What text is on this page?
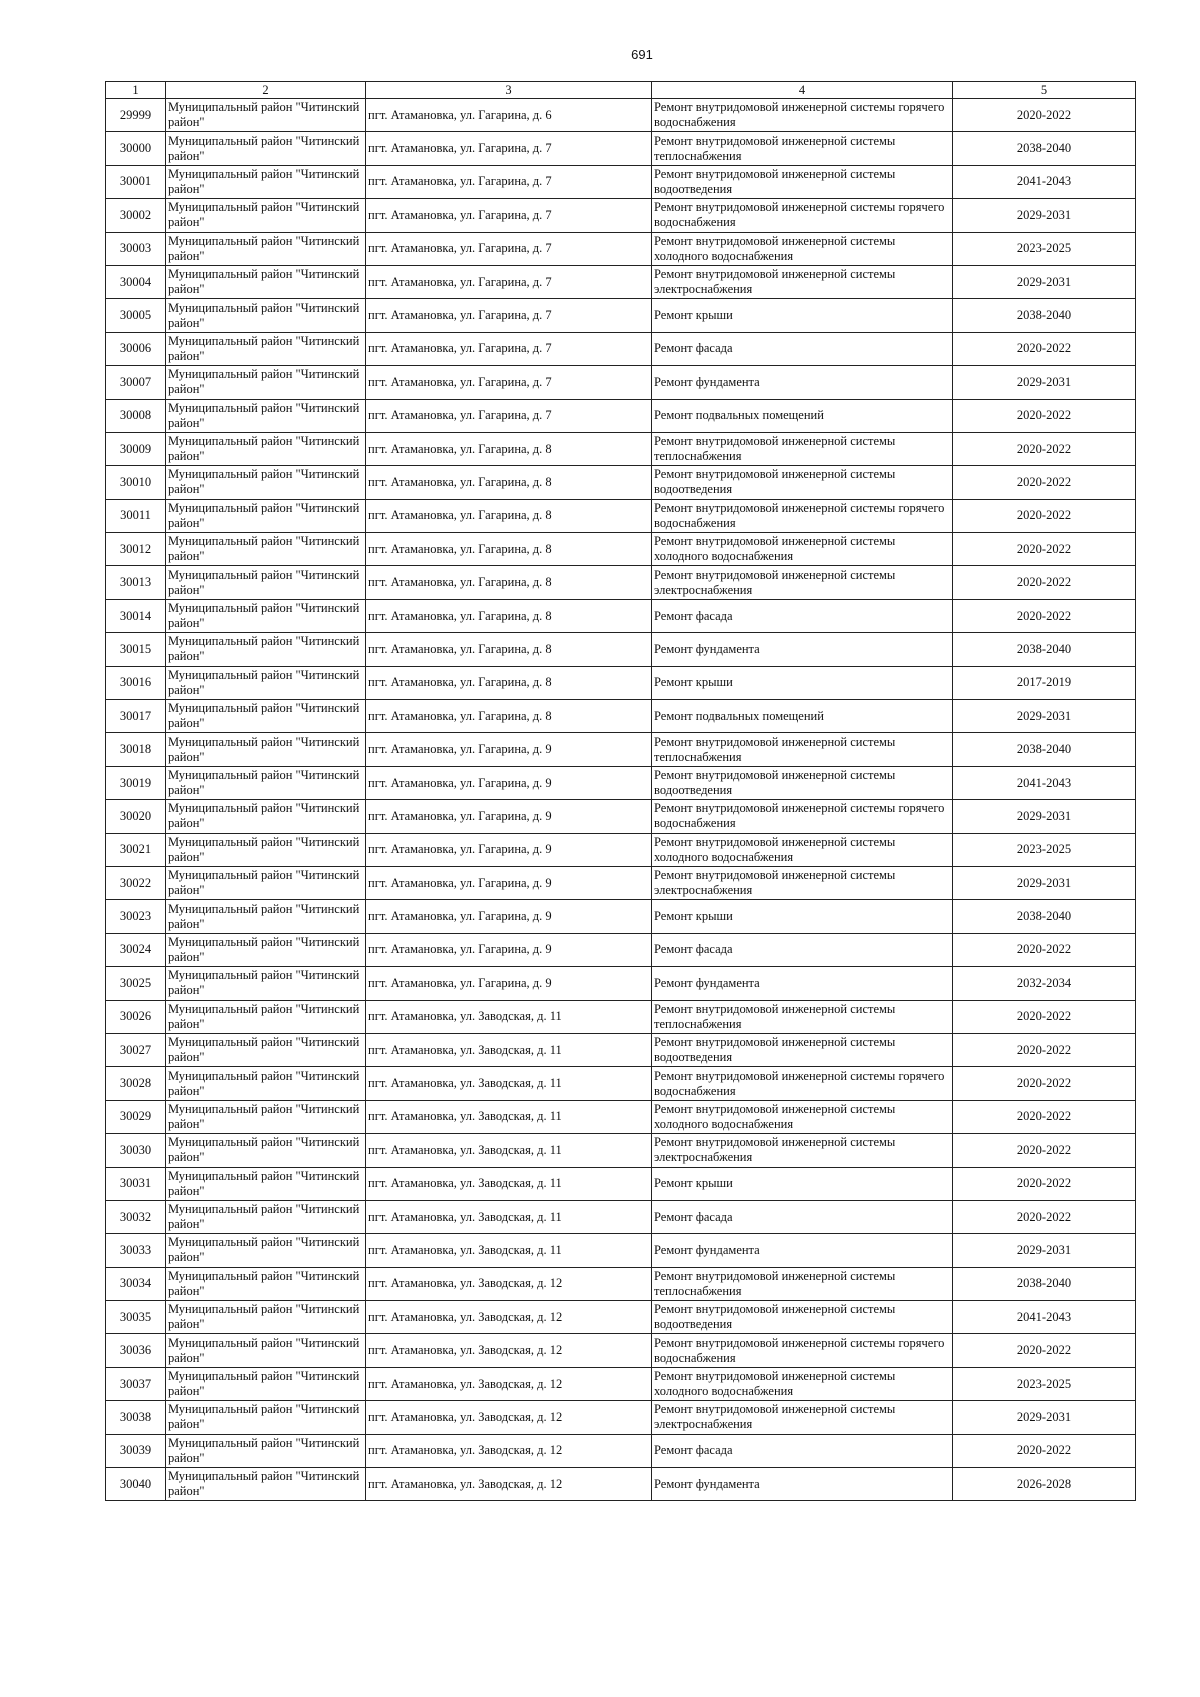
691
1	2	3	4	5
29999	Муниципальный район "Читинский район"	пгт. Атамановка, ул. Гагарина, д. 6	Ремонт внутридомовой инженерной системы горячего водоснабжения	2020-2022
30000	Муниципальный район "Читинский район"	пгт. Атамановка, ул. Гагарина, д. 7	Ремонт внутридомовой инженерной системы теплоснабжения	2038-2040
30001	Муниципальный район "Читинский район"	пгт. Атамановка, ул. Гагарина, д. 7	Ремонт внутридомовой инженерной системы водоотведения	2041-2043
30002	Муниципальный район "Читинский район"	пгт. Атамановка, ул. Гагарина, д. 7	Ремонт внутридомовой инженерной системы горячего водоснабжения	2029-2031
30003	Муниципальный район "Читинский район"	пгт. Атамановка, ул. Гагарина, д. 7	Ремонт внутридомовой инженерной системы холодного водоснабжения	2023-2025
30004	Муниципальный район "Читинский район"	пгт. Атамановка, ул. Гагарина, д. 7	Ремонт внутридомовой инженерной системы электроснабжения	2029-2031
30005	Муниципальный район "Читинский район"	пгт. Атамановка, ул. Гагарина, д. 7	Ремонт крыши	2038-2040
30006	Муниципальный район "Читинский район"	пгт. Атамановка, ул. Гагарина, д. 7	Ремонт фасада	2020-2022
30007	Муниципальный район "Читинский район"	пгт. Атамановка, ул. Гагарина, д. 7	Ремонт фундамента	2029-2031
30008	Муниципальный район "Читинский район"	пгт. Атамановка, ул. Гагарина, д. 7	Ремонт подвальных помещений	2020-2022
30009	Муниципальный район "Читинский район"	пгт. Атамановка, ул. Гагарина, д. 8	Ремонт внутридомовой инженерной системы теплоснабжения	2020-2022
30010	Муниципальный район "Читинский район"	пгт. Атамановка, ул. Гагарина, д. 8	Ремонт внутридомовой инженерной системы водоотведения	2020-2022
30011	Муниципальный район "Читинский район"	пгт. Атамановка, ул. Гагарина, д. 8	Ремонт внутридомовой инженерной системы горячего водоснабжения	2020-2022
30012	Муниципальный район "Читинский район"	пгт. Атамановка, ул. Гагарина, д. 8	Ремонт внутридомовой инженерной системы холодного водоснабжения	2020-2022
30013	Муниципальный район "Читинский район"	пгт. Атамановка, ул. Гагарина, д. 8	Ремонт внутридомовой инженерной системы электроснабжения	2020-2022
30014	Муниципальный район "Читинский район"	пгт. Атамановка, ул. Гагарина, д. 8	Ремонт фасада	2020-2022
30015	Муниципальный район "Читинский район"	пгт. Атамановка, ул. Гагарина, д. 8	Ремонт фундамента	2038-2040
30016	Муниципальный район "Читинский район"	пгт. Атамановка, ул. Гагарина, д. 8	Ремонт крыши	2017-2019
30017	Муниципальный район "Читинский район"	пгт. Атамановка, ул. Гагарина, д. 8	Ремонт подвальных помещений	2029-2031
30018	Муниципальный район "Читинский район"	пгт. Атамановка, ул. Гагарина, д. 9	Ремонт внутридомовой инженерной системы теплоснабжения	2038-2040
30019	Муниципальный район "Читинский район"	пгт. Атамановка, ул. Гагарина, д. 9	Ремонт внутридомовой инженерной системы водоотведения	2041-2043
30020	Муниципальный район "Читинский район"	пгт. Атамановка, ул. Гагарина, д. 9	Ремонт внутридомовой инженерной системы горячего водоснабжения	2029-2031
30021	Муниципальный район "Читинский район"	пгт. Атамановка, ул. Гагарина, д. 9	Ремонт внутридомовой инженерной системы холодного водоснабжения	2023-2025
30022	Муниципальный район "Читинский район"	пгт. Атамановка, ул. Гагарина, д. 9	Ремонт внутридомовой инженерной системы электроснабжения	2029-2031
30023	Муниципальный район "Читинский район"	пгт. Атамановка, ул. Гагарина, д. 9	Ремонт крыши	2038-2040
30024	Муниципальный район "Читинский район"	пгт. Атамановка, ул. Гагарина, д. 9	Ремонт фасада	2020-2022
30025	Муниципальный район "Читинский район"	пгт. Атамановка, ул. Гагарина, д. 9	Ремонт фундамента	2032-2034
30026	Муниципальный район "Читинский район"	пгт. Атамановка, ул. Заводская, д. 11	Ремонт внутридомовой инженерной системы теплоснабжения	2020-2022
30027	Муниципальный район "Читинский район"	пгт. Атамановка, ул. Заводская, д. 11	Ремонт внутридомовой инженерной системы водоотведения	2020-2022
30028	Муниципальный район "Читинский район"	пгт. Атамановка, ул. Заводская, д. 11	Ремонт внутридомовой инженерной системы горячего водоснабжения	2020-2022
30029	Муниципальный район "Читинский район"	пгт. Атамановка, ул. Заводская, д. 11	Ремонт внутридомовой инженерной системы холодного водоснабжения	2020-2022
30030	Муниципальный район "Читинский район"	пгт. Атамановка, ул. Заводская, д. 11	Ремонт внутридомовой инженерной системы электроснабжения	2020-2022
30031	Муниципальный район "Читинский район"	пгт. Атамановка, ул. Заводская, д. 11	Ремонт крыши	2020-2022
30032	Муниципальный район "Читинский район"	пгт. Атамановка, ул. Заводская, д. 11	Ремонт фасада	2020-2022
30033	Муниципальный район "Читинский район"	пгт. Атамановка, ул. Заводская, д. 11	Ремонт фундамента	2029-2031
30034	Муниципальный район "Читинский район"	пгт. Атамановка, ул. Заводская, д. 12	Ремонт внутридомовой инженерной системы теплоснабжения	2038-2040
30035	Муниципальный район "Читинский район"	пгт. Атамановка, ул. Заводская, д. 12	Ремонт внутридомовой инженерной системы водоотведения	2041-2043
30036	Муниципальный район "Читинский район"	пгт. Атамановка, ул. Заводская, д. 12	Ремонт внутридомовой инженерной системы горячего водоснабжения	2020-2022
30037	Муниципальный район "Читинский район"	пгт. Атамановка, ул. Заводская, д. 12	Ремонт внутридомовой инженерной системы холодного водоснабжения	2023-2025
30038	Муниципальный район "Читинский район"	пгт. Атамановка, ул. Заводская, д. 12	Ремонт внутридомовой инженерной системы электроснабжения	2029-2031
30039	Муниципальный район "Читинский район"	пгт. Атамановка, ул. Заводская, д. 12	Ремонт фасада	2020-2022
30040	Муниципальный район "Читинский район"	пгт. Атамановка, ул. Заводская, д. 12	Ремонт фундамента	2026-2028
